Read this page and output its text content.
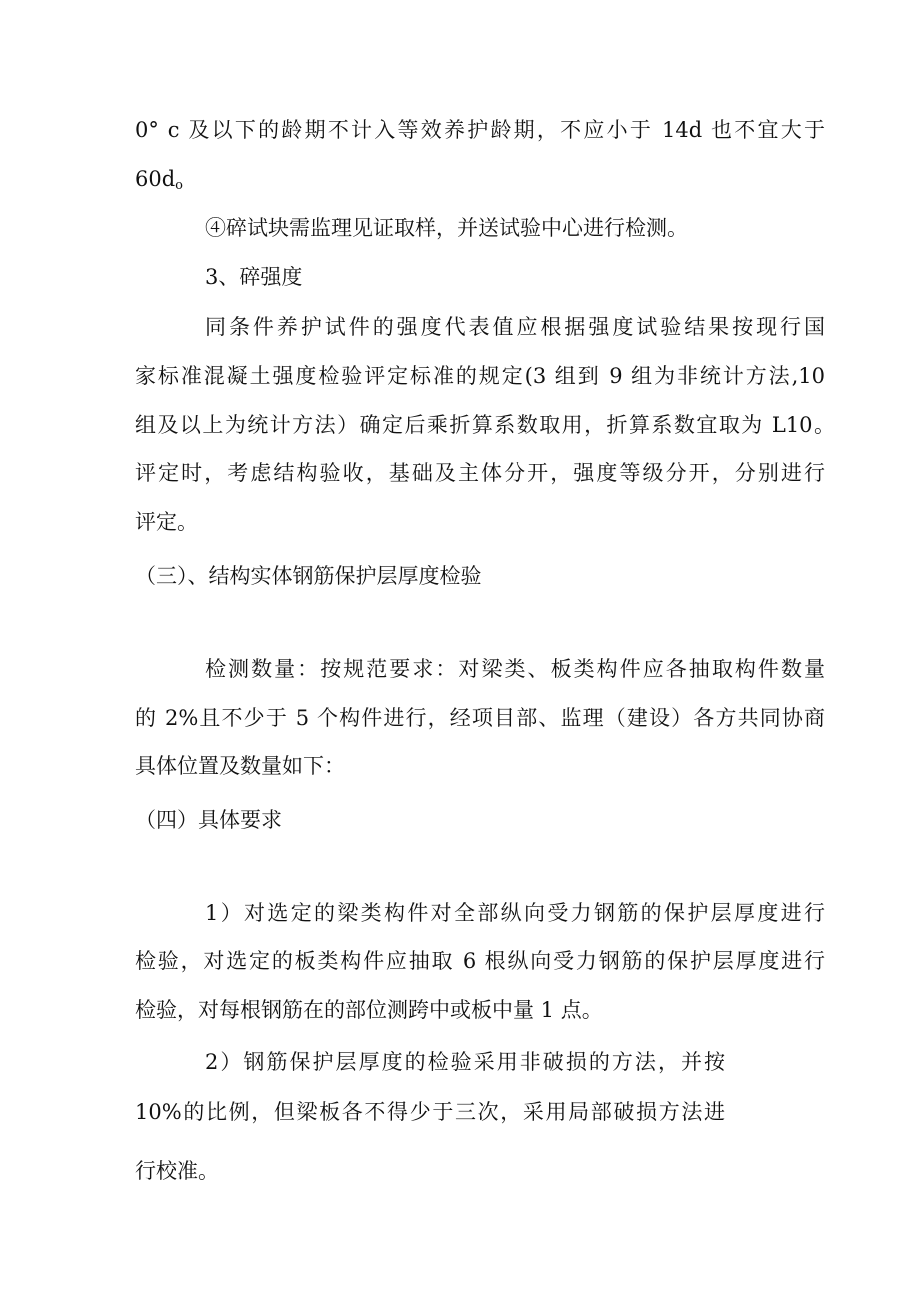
0° c 及以下的龄期不计入等效养护龄期，不应小于 14d 也不宜大于

$60d_o$

④碎试块需监理见证取样，并送试验中心进行检测。

3、碎强度

同条件养护试件的强度代表值应根据强度试验结果按现行国

家标准混凝土强度检验评定标准的规定(3 组到 9 组为非统计方法,10

组及以上为统计方法）确定后乘折算系数取用，折算系数宜取为 L10。

评定时，考虑结构验收，基础及主体分开，强度等级分开，分别进行

评定。

（三）、结构实体钢筋保护层厚度检验

检测数量：按规范要求：对梁类、板类构件应各抽取构件数量

的 2%且不少于 5 个构件进行，经项目部、监理（建设）各方共同协商

具体位置及数量如下：

（四）具体要求

1）对选定的梁类构件对全部纵向受力钢筋的保护层厚度进行

检验，对选定的板类构件应抽取 6 根纵向受力钢筋的保护层厚度进行

检验，对每根钢筋在的部位测跨中或板中量 1 点。

2）钢筋保护层厚度的检验采用非破损的方法，并按

10%的比例，但梁板各不得少于三次，采用局部破损方法进

行校准。
